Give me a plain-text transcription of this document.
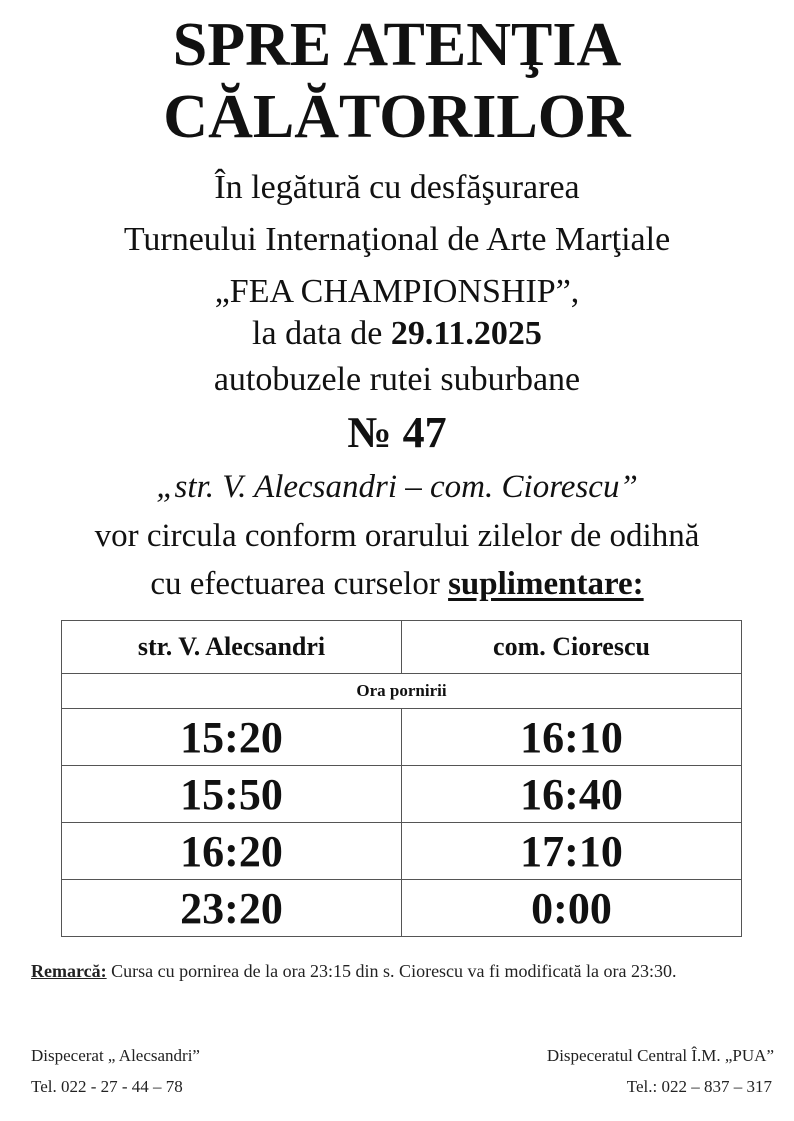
SPRE ATENŢIA
CĂLĂTORILOR
În legătură cu desfăşurarea
Turneului Internaţional de Arte Marţiale
„FEA CHAMPIONSHIP”,
la data de 29.11.2025
autobuzele rutei suburbane
№ 47
„str. V. Alecsandri – com. Ciorescu”
vor circula conform orarului zilelor de odihnă
cu efectuarea curselor suplimentare:
str. V. Alecsandri	com. Ciorescu
Ora pornirii	
15:20	16:10
15:50	16:40
16:20	17:10
23:20	0:00
Remarcă: Cursa cu pornirea de la ora 23:15 din s. Ciorescu va fi modificată la ora 23:30.
Dispecerat „ Alecsandri”
Tel. 022 - 27 - 44 – 78
Dispeceratul Central Î.M. „PUA”
Tel.: 022 – 837 – 317
